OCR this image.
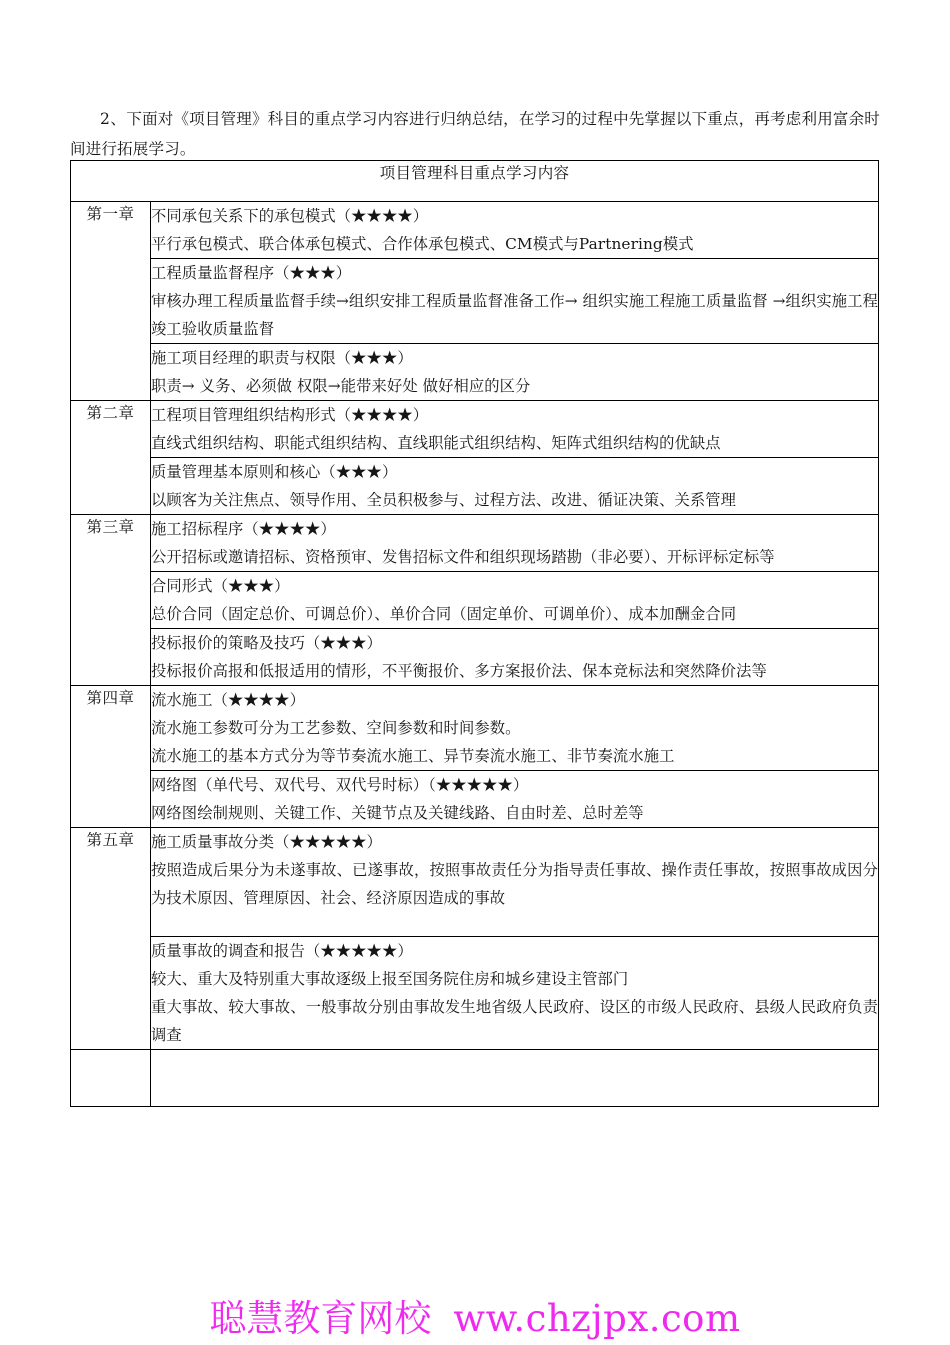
2、下面对《项目管理》科目的重点学习内容进行归纳总结，在学习的过程中先掌握以下重点，再考虑利用富余时间进行拓展学习。

项目管理科目重点学习内容	
第一章	不同承包关系下的承包模式（★★★★）
平行承包模式、联合体承包模式、合作体承包模式、CM模式与Partnering模式

	工程质量监督程序（★★★）
审核办理工程质量监督手续→组织安排工程质量监督准备工作→ 组织实施工程施工质量监督 →组织实施工程竣工验收质量监督

	施工项目经理的职责与权限（★★★）
职责→ 义务、必须做 权限→能带来好处 做好相应的区分

第二章	工程项目管理组织结构形式（★★★★）
直线式组织结构、职能式组织结构、直线职能式组织结构、矩阵式组织结构的优缺点

	质量管理基本原则和核心（★★★）
以顾客为关注焦点、领导作用、全员积极参与、过程方法、改进、循证决策、关系管理

第三章	施工招标程序（★★★★）
公开招标或邀请招标、资格预审、发售招标文件和组织现场踏勘（非必要）、开标评标定标等

	合同形式（★★★）
总价合同（固定总价、可调总价）、单价合同（固定单价、可调单价）、成本加酬金合同

	投标报价的策略及技巧（★★★）
投标报价高报和低报适用的情形，不平衡报价、多方案报价法、保本竞标法和突然降价法等

第四章	流水施工（★★★★）
流水施工参数可分为工艺参数、空间参数和时间参数。
流水施工的基本方式分为等节奏流水施工、异节奏流水施工、非节奏流水施工

	网络图（单代号、双代号、双代号时标）（★★★★★）
网络图绘制规则、关键工作、关键节点及关键线路、自由时差、总时差等

第五章	施工质量事故分类（★★★★★）
按照造成后果分为未遂事故、已遂事故，按照事故责任分为指导责任事故、操作责任事故，按照事故成因分为技术原因、管理原因、社会、经济原因造成的事故

	质量事故的调查和报告（★★★★★）
较大、重大及特别重大事故逐级上报至国务院住房和城乡建设主管部门
重大事故、较大事故、一般事故分别由事故发生地省级人民政府、设区的市级人民政府、县级人民政府负责调查

聪慧教育网校 ww.chzjpx.com
